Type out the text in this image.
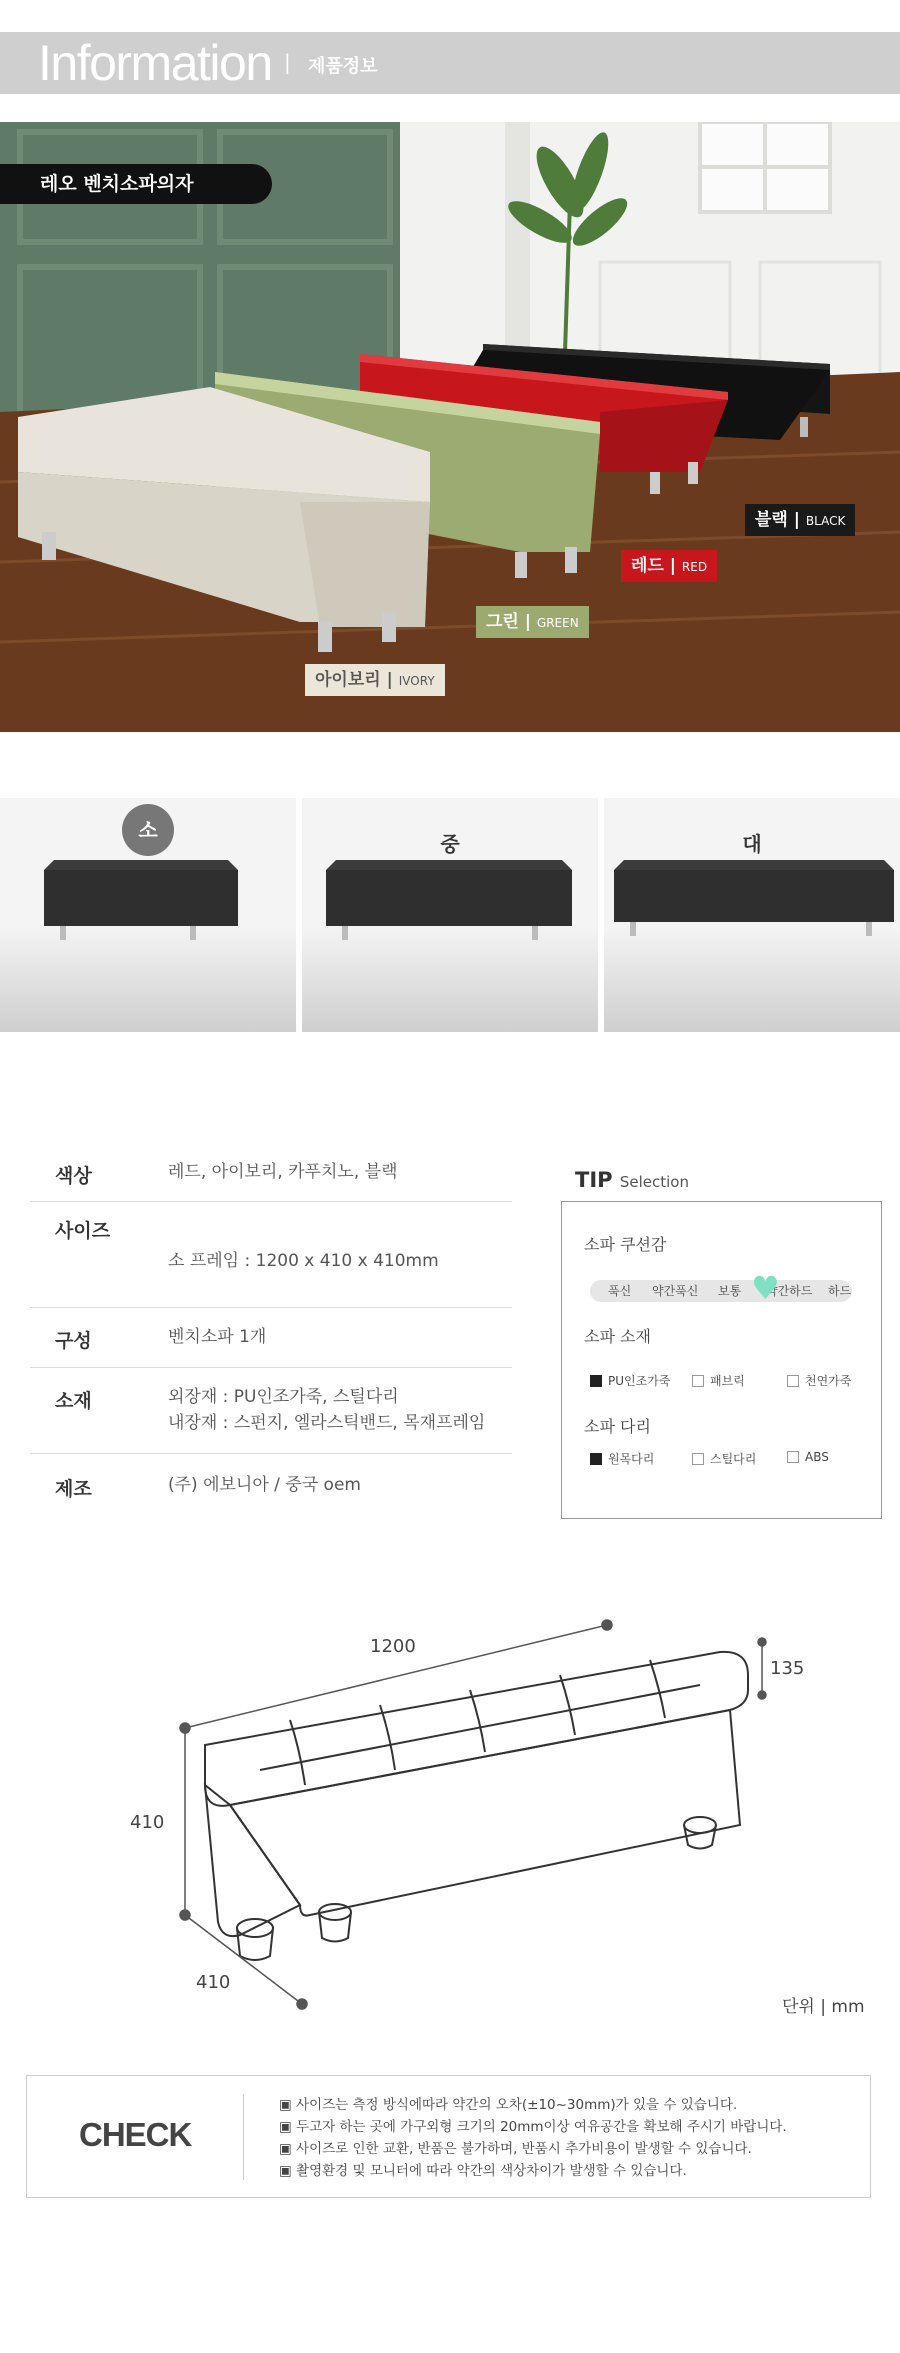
Information | 제품정보
레오 벤치소파의자
블랙 | BLACK
레드 | RED
그린 | GREEN
아이보리 | IVORY
소
중	대
색상	레드, 아이보리, 카푸치노, 블랙
사이즈
소 프레임 : 1200 x 410 x 410mm
구성	벤치소파 1개
소재	외장재 : PU인조가죽, 스틸다리
내장재 : 스펀지, 엘라스틱밴드, 목재프레임
제조	(주) 에보니아 / 중국 oem
TIP Selection
소파 쿠션감
푹신 약간푹신 보통 약간하드 하드
♥
소파 소재
PU인조가죽	패브릭	천연가죽
소파 다리
원목다리	스틸다리	ABS
1200
410
410
135
단위 | mm
CHECK
▣ 사이즈는 측정 방식에따라 약간의 오차(±10~30mm)가 있을 수 있습니다.
▣ 두고자 하는 곳에 가구외형 크기의 20mm이상 여유공간을 확보해 주시기 바랍니다.
▣ 사이즈로 인한 교환, 반품은 불가하며, 반품시 추가비용이 발생할 수 있습니다.
▣ 촬영환경 및 모니터에 따라 약간의 색상차이가 발생할 수 있습니다.
